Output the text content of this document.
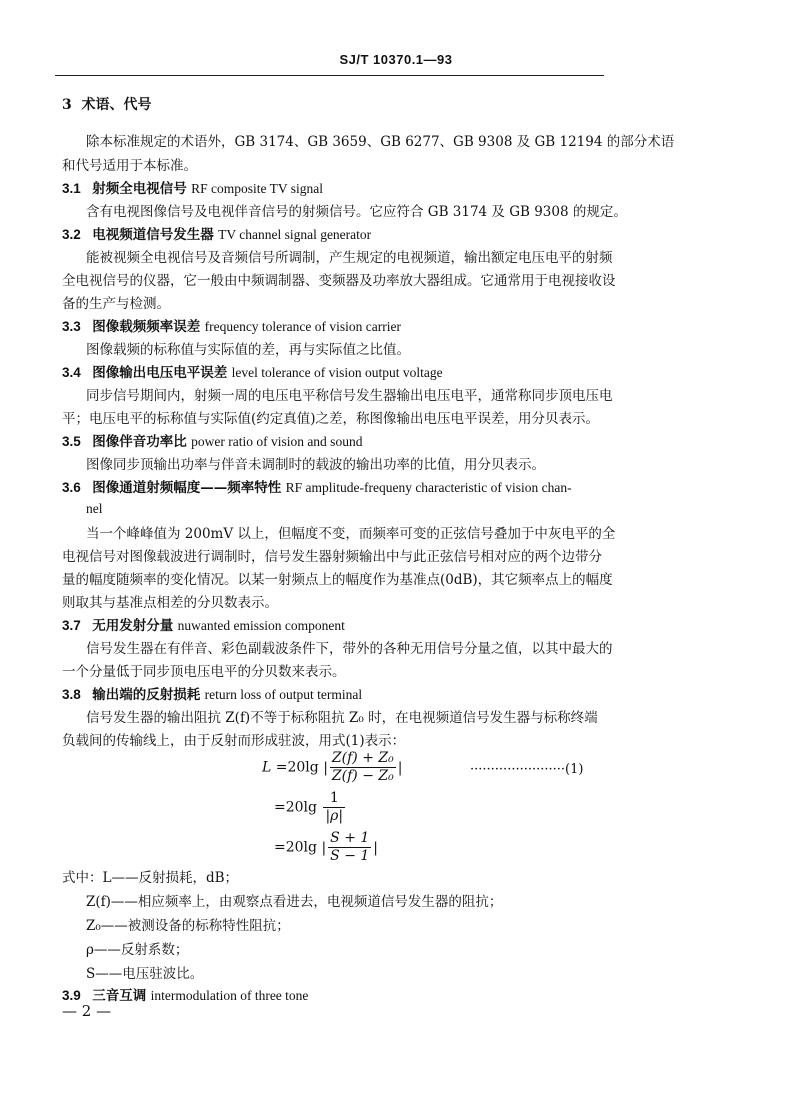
SJ/T 10370.1—93
3 术语、代号
除本标准规定的术语外，GB 3174、GB 3659、GB 6277、GB 9308 及 GB 12194 的部分术语
和代号适用于本标准。
3.1 射频全电视信号 RF composite TV signal
含有电视图像信号及电视伴音信号的射频信号。它应符合 GB 3174 及 GB 9308 的规定。
3.2 电视频道信号发生器 TV channel signal generator
能被视频全电视信号及音频信号所调制，产生规定的电视频道，输出额定电压电平的射频
全电视信号的仪器，它一般由中频调制器、变频器及功率放大器组成。它通常用于电视接收设
备的生产与检测。
3.3 图像载频频率误差 frequency tolerance of vision carrier
图像载频的标称值与实际值的差，再与实际值之比值。
3.4 图像输出电压电平误差 level tolerance of vision output voltage
同步信号期间内，射频一周的电压电平称信号发生器输出电压电平，通常称同步顶电压电
平；电压电平的标称值与实际值(约定真值)之差，称图像输出电压电平误差，用分贝表示。
3.5 图像伴音功率比 power ratio of vision and sound
图像同步顶输出功率与伴音未调制时的载波的输出功率的比值，用分贝表示。
3.6 图像通道射频幅度——频率特性 RF amplitude-frequeny characteristic of vision chan-
nel
当一个峰峰值为 200mV 以上，但幅度不变，而频率可变的正弦信号叠加于中灰电平的全
电视信号对图像载波进行调制时，信号发生器射频输出中与此正弦信号相对应的两个边带分
量的幅度随频率的变化情况。以某一射频点上的幅度作为基准点(0dB)，其它频率点上的幅度
则取其与基准点相差的分贝数表示。
3.7 无用发射分量 nuwanted emission component
信号发生器在有伴音、彩色副载波条件下，带外的各种无用信号分量之值，以其中最大的
一个分量低于同步顶电压电平的分贝数来表示。
3.8 输出端的反射损耗 return loss of output terminal
信号发生器的输出阻抗 Z(f)不等于标称阻抗 Z₀ 时，在电视频道信号发生器与标称终端
负载间的传输线上，由于反射而形成驻波，用式(1)表示：
L =20lg | $\frac{\text{Z(f) + Z₀}}{\text{Z(f) − Z₀}}$ |	·······················(1)
$=20\lg \frac{1}{|\rho|}$
=20lg | $\frac{S + 1}{S - 1}$ |
式中：L——反射损耗，dB；
Z(f)——相应频率上，由观察点看进去，电视频道信号发生器的阻抗；
Z₀——被测设备的标称特性阻抗；
ρ——反射系数；
S——电压驻波比。
3.9 三音互调 intermodulation of three tone
— 2 —
